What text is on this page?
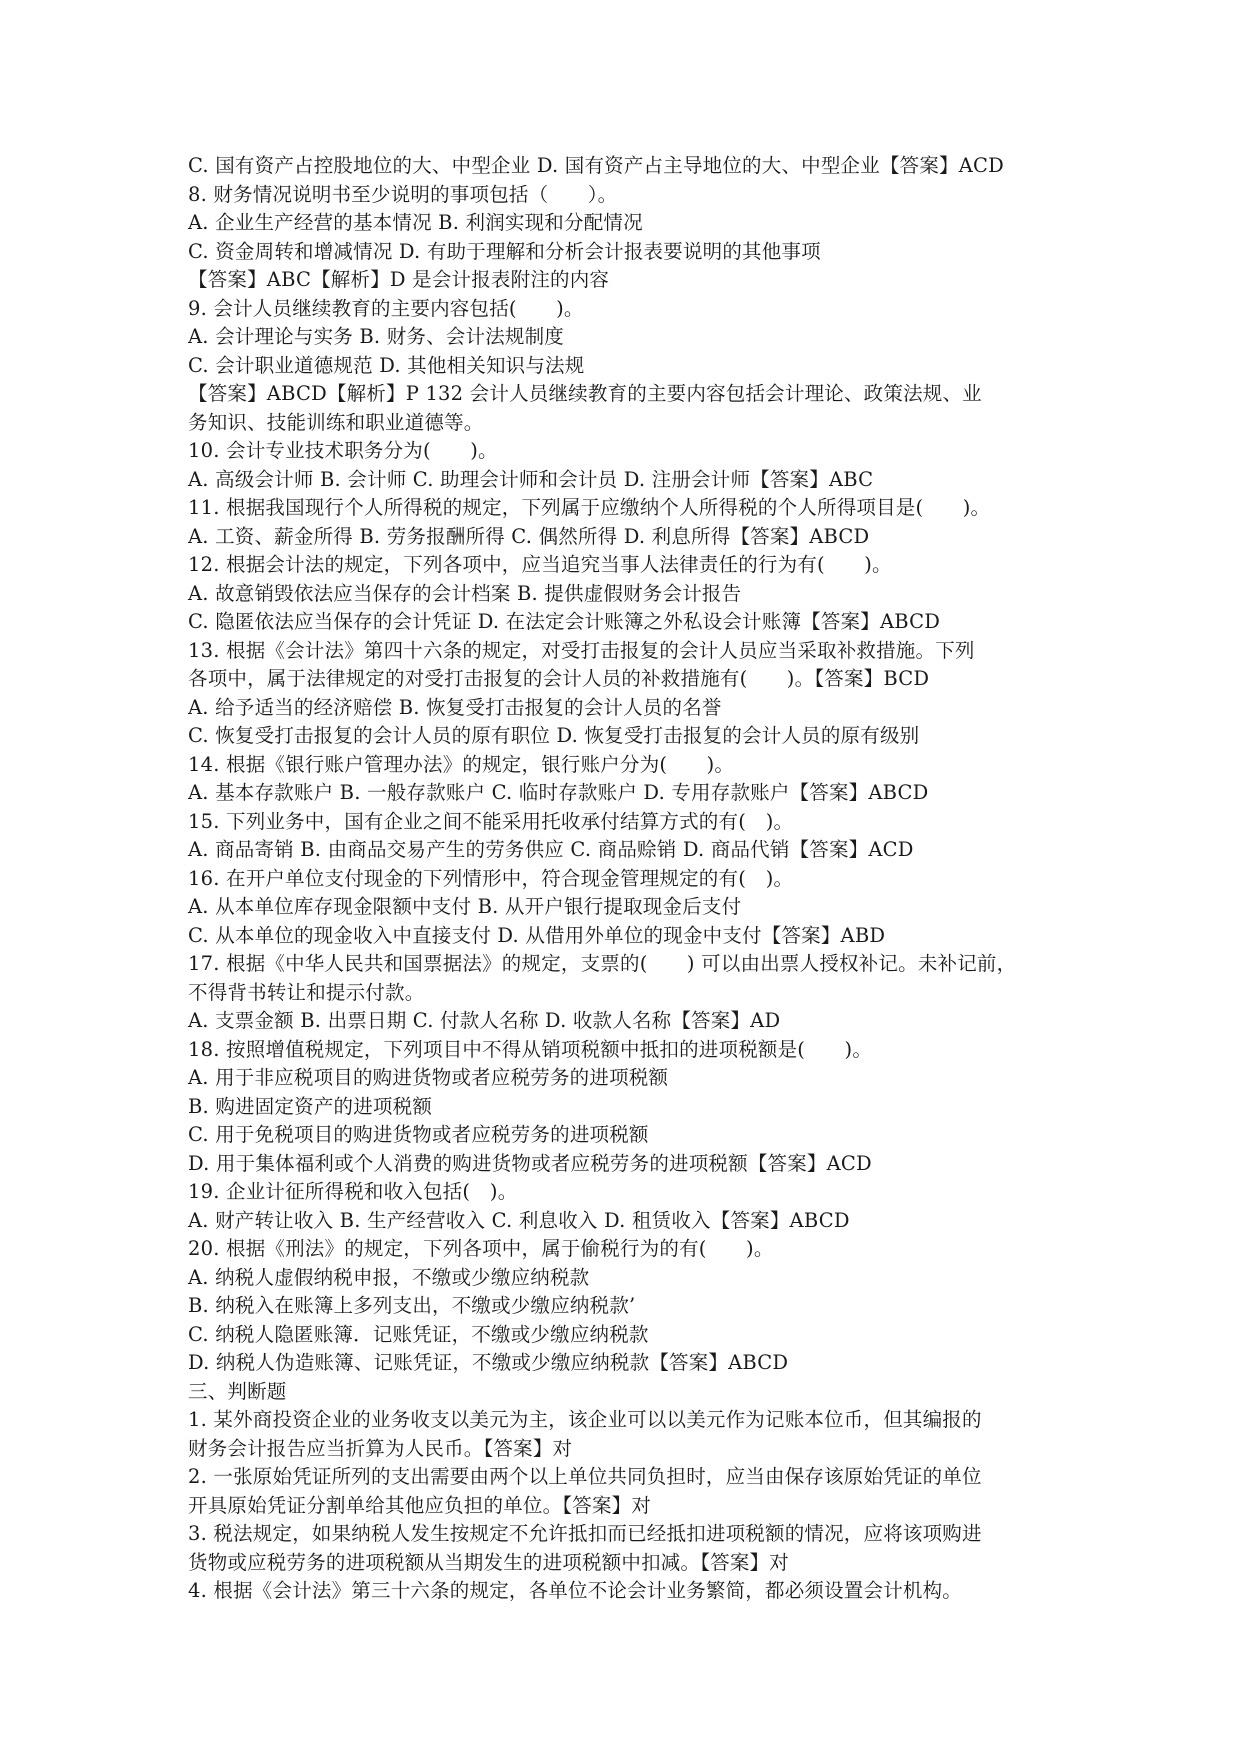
C. 国有资产占控股地位的大、中型企业 D. 国有资产占主导地位的大、中型企业【答案】ACD
8. 财务情况说明书至少说明的事项包括（　　）。
A. 企业生产经营的基本情况 B. 利润实现和分配情况
C. 资金周转和增减情况 D. 有助于理解和分析会计报表要说明的其他事项
【答案】ABC【解析】D 是会计报表附注的内容
9. 会计人员继续教育的主要内容包括(　　)。
A. 会计理论与实务 B. 财务、会计法规制度
C. 会计职业道德规范 D. 其他相关知识与法规
【答案】ABCD【解析】P 132 会计人员继续教育的主要内容包括会计理论、政策法规、业
务知识、技能训练和职业道德等。
10. 会计专业技术职务分为(　　)。
A. 高级会计师 B. 会计师 C. 助理会计师和会计员 D. 注册会计师【答案】ABC
11. 根据我国现行个人所得税的规定，下列属于应缴纳个人所得税的个人所得项目是(　　)。
A. 工资、薪金所得 B. 劳务报酬所得 C. 偶然所得 D. 利息所得【答案】ABCD
12. 根据会计法的规定，下列各项中，应当追究当事人法律责任的行为有(　　)。
A. 故意销毁依法应当保存的会计档案 B. 提供虚假财务会计报告
C. 隐匿依法应当保存的会计凭证 D. 在法定会计账簿之外私设会计账簿【答案】ABCD
13. 根据《会计法》第四十六条的规定，对受打击报复的会计人员应当采取补救措施。下列
各项中，属于法律规定的对受打击报复的会计人员的补救措施有(　　)。【答案】BCD
A. 给予适当的经济赔偿 B. 恢复受打击报复的会计人员的名誉
C. 恢复受打击报复的会计人员的原有职位 D. 恢复受打击报复的会计人员的原有级别
14. 根据《银行账户管理办法》的规定，银行账户分为(　　)。
A. 基本存款账户 B. 一般存款账户 C. 临时存款账户 D. 专用存款账户【答案】ABCD
15. 下列业务中，国有企业之间不能采用托收承付结算方式的有(　)。
A. 商品寄销 B. 由商品交易产生的劳务供应 C. 商品赊销 D. 商品代销【答案】ACD
16. 在开户单位支付现金的下列情形中，符合现金管理规定的有(　)。
A. 从本单位库存现金限额中支付 B. 从开户银行提取现金后支付
C. 从本单位的现金收入中直接支付 D. 从借用外单位的现金中支付【答案】ABD
17. 根据《中华人民共和国票据法》的规定，支票的(　　) 可以由出票人授权补记。未补记前，
不得背书转让和提示付款。
A. 支票金额 B. 出票日期 C. 付款人名称 D. 收款人名称【答案】AD
18. 按照增值税规定，下列项目中不得从销项税额中抵扣的进项税额是(　　)。
A. 用于非应税项目的购进货物或者应税劳务的进项税额
B. 购进固定资产的进项税额
C. 用于免税项目的购进货物或者应税劳务的进项税额
D. 用于集体福利或个人消费的购进货物或者应税劳务的进项税额【答案】ACD
19. 企业计征所得税和收入包括(　)。
A. 财产转让收入 B. 生产经营收入 C. 利息收入 D. 租赁收入【答案】ABCD
20. 根据《刑法》的规定，下列各项中，属于偷税行为的有(　　)。
A. 纳税人虚假纳税申报，不缴或少缴应纳税款
B. 纳税入在账簿上多列支出，不缴或少缴应纳税款’
C. 纳税人隐匿账簿．记账凭证，不缴或少缴应纳税款
D. 纳税人伪造账簿、记账凭证，不缴或少缴应纳税款【答案】ABCD
三、判断题
1. 某外商投资企业的业务收支以美元为主，该企业可以以美元作为记账本位币，但其编报的
财务会计报告应当折算为人民币。【答案】对
2. 一张原始凭证所列的支出需要由两个以上单位共同负担时，应当由保存该原始凭证的单位
开具原始凭证分割单给其他应负担的单位。【答案】对
3. 税法规定，如果纳税人发生按规定不允许抵扣而已经抵扣进项税额的情况，应将该项购进
货物或应税劳务的进项税额从当期发生的进项税额中扣减。【答案】对
4. 根据《会计法》第三十六条的规定，各单位不论会计业务繁简，都必须设置会计机构。
